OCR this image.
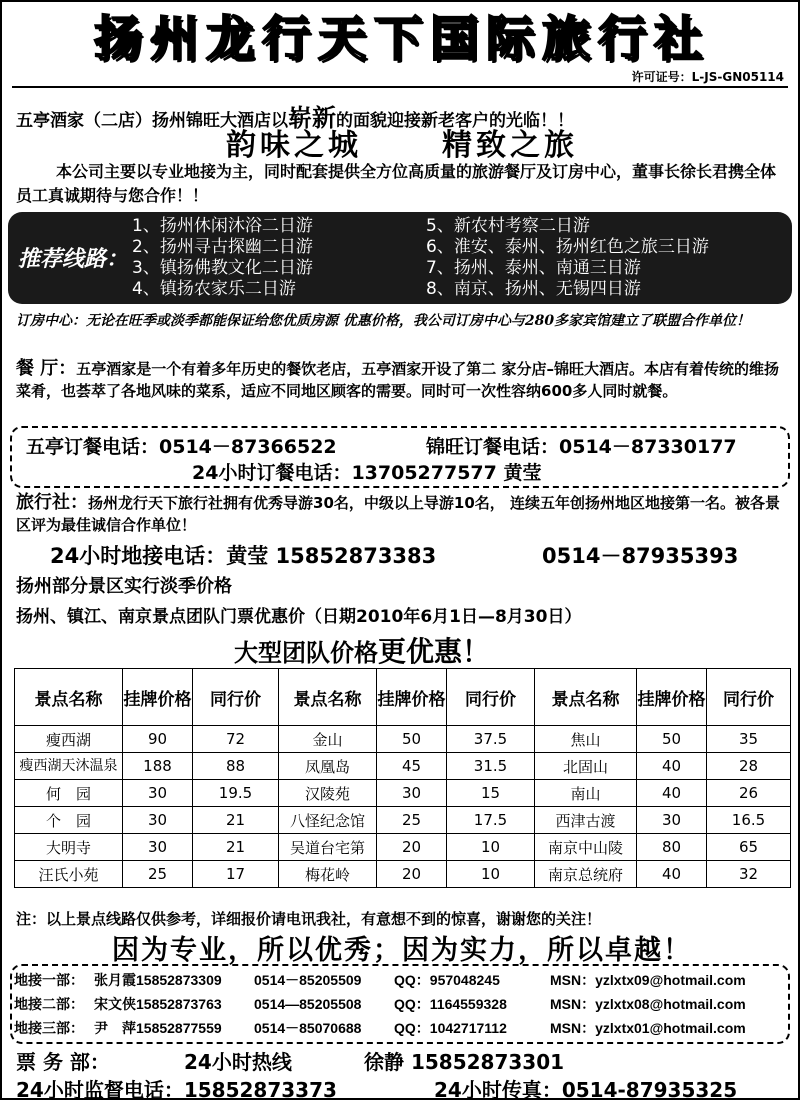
扬州龙行天下国际旅行社
许可证号：L-JS-GN05114
五亭酒家（二店）扬州锦旺大酒店以崭新的面貌迎接新老客户的光临！！
韵味之城	精致之旅
本公司主要以专业地接为主，同时配套提供全方位高质量的旅游餐厅及订房中心，董事长徐长君携全体员工真诚期待与您合作！！
推荐线路：
1、扬州休闲沐浴二日游
2、扬州寻古探幽二日游
3、镇扬佛教文化二日游
4、镇扬农家乐二日游
5、新农村考察二日游
6、淮安、泰州、扬州红色之旅三日游
7、扬州、泰州、南通三日游
8、南京、扬州、无锡四日游
订房中心：无论在旺季或淡季都能保证给您优质房源 优惠价格，我公司订房中心与280多家宾馆建立了联盟合作单位！
餐 厅：五亭酒家是一个有着多年历史的餐饮老店，五亭酒家开设了第二 家分店–锦旺大酒店。本店有着传统的维扬菜肴，也荟萃了各地风味的菜系，适应不同地区顾客的需要。同时可一次性容纳600多人同时就餐。
五亭订餐电话：0514－87366522	锦旺订餐电话：0514－87330177
24小时订餐电话：13705277577 黄莹
旅行社：扬州龙行天下旅行社拥有优秀导游30名，中级以上导游10名， 连续五年创扬州地区地接第一名。被各景区评为最佳诚信合作单位！
24小时地接电话：黄莹 15852873383	0514－87935393
扬州部分景区实行淡季价格
扬州、镇江、南京景点团队门票优惠价（日期2010年6月1日—8月30日）
大型团队价格更优惠！
景点名称	挂牌价格	同行价	景点名称	挂牌价格	同行价	景点名称	挂牌价格	同行价
瘦西湖	90	72	金山	50	37.5	焦山	50	35
瘦西湖天沐温泉	188	88	凤凰岛	45	31.5	北固山	40	28
何　园	30	19.5	汉陵苑	30	15	南山	40	26
个　园	30	21	八怪纪念馆	25	17.5	西津古渡	30	16.5
大明寺	30	21	吴道台宅第	20	10	南京中山陵	80	65
汪氏小苑	25	17	梅花岭	20	10	南京总统府	40	32
注：以上景点线路仅供参考，详细报价请电讯我社，有意想不到的惊喜，谢谢您的关注！
因为专业，所以优秀；因为实力，所以卓越！
地接一部： 张月霞15852873309 0514－85205509 QQ：957048245	MSN：yzlxtx09@hotmail.com
地接二部： 宋文侠15852873763 0514—85205508 QQ：1164559328	MSN：yzlxtx08@hotmail.com
地接三部： 尹　萍15852877559 0514－85070688 QQ：1042717112	MSN：yzlxtx01@hotmail.com
票 务 部：	24小时热线	徐静 15852873301
24小时监督电话：15852873373	24小时传真：0514-87935325
